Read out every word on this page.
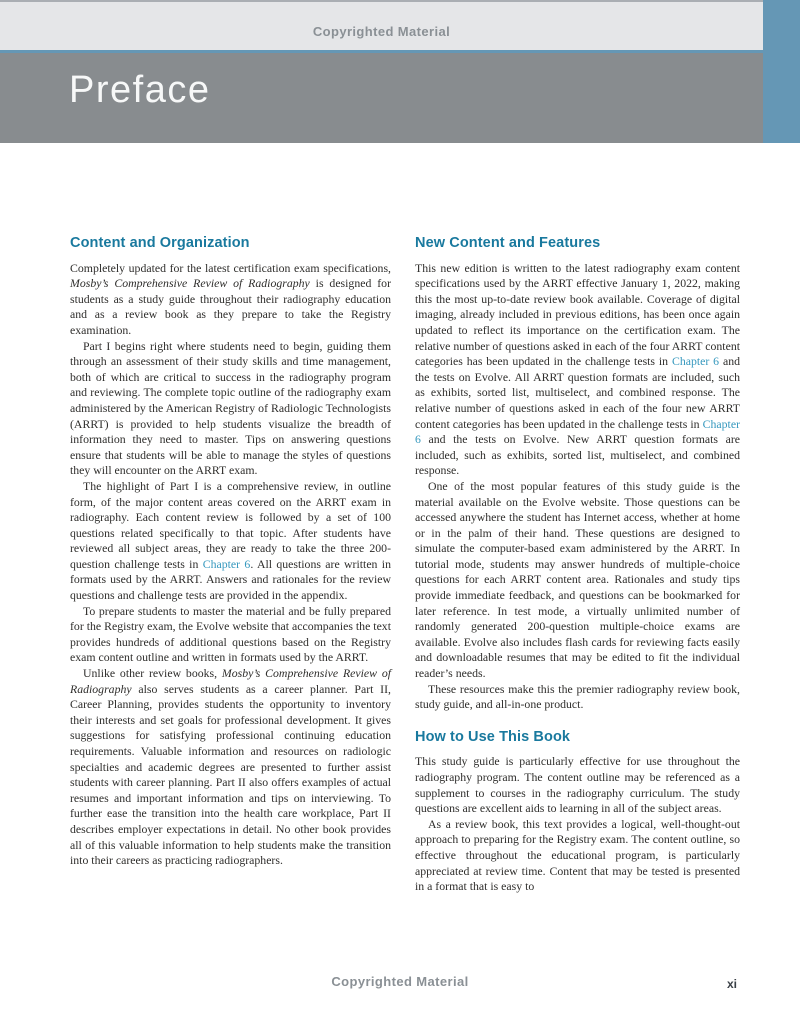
Copyrighted Material
Preface
Content and Organization

Completely updated for the latest certification exam specifications, Mosby’s Comprehensive Review of Radiography is designed for students as a study guide throughout their radiography education and as a review book as they prepare to take the Registry examination.

Part I begins right where students need to begin, guiding them through an assessment of their study skills and time management, both of which are critical to success in the radiography program and reviewing. The complete topic outline of the radiography exam administered by the American Registry of Radiologic Technologists (ARRT) is provided to help students visualize the breadth of information they need to master. Tips on answering questions ensure that students will be able to manage the styles of questions they will encounter on the ARRT exam.

The highlight of Part I is a comprehensive review, in outline form, of the major content areas covered on the ARRT exam in radiography. Each content review is followed by a set of 100 questions related specifically to that topic. After students have reviewed all subject areas, they are ready to take the three 200-question challenge tests in Chapter 6. All questions are written in formats used by the ARRT. Answers and rationales for the review questions and challenge tests are provided in the appendix.

To prepare students to master the material and be fully prepared for the Registry exam, the Evolve website that accompanies the text provides hundreds of additional questions based on the Registry exam content outline and written in formats used by the ARRT.

Unlike other review books, Mosby’s Comprehensive Review of Radiography also serves students as a career planner. Part II, Career Planning, provides students the opportunity to inventory their interests and set goals for professional development. It gives suggestions for satisfying professional continuing education requirements. Valuable information and resources on radiologic specialties and academic degrees are presented to further assist students with career planning. Part II also offers examples of actual resumes and important information and tips on interviewing. To further ease the transition into the health care workplace, Part II describes employer expectations in detail. No other book provides all of this valuable information to help students make the transition into their careers as practicing radiographers.

New Content and Features

This new edition is written to the latest radiography exam content specifications used by the ARRT effective January 1, 2022, making this the most up-to-date review book available. Coverage of digital imaging, already included in previous editions, has been once again updated to reflect its importance on the certification exam. The relative number of questions asked in each of the four ARRT content categories has been updated in the challenge tests in Chapter 6 and the tests on Evolve. All ARRT question formats are included, such as exhibits, sorted list, multiselect, and combined response. The relative number of questions asked in each of the four new ARRT content categories has been updated in the challenge tests in Chapter 6 and the tests on Evolve. New ARRT question formats are included, such as exhibits, sorted list, multiselect, and combined response.

One of the most popular features of this study guide is the material available on the Evolve website. Those questions can be accessed anywhere the student has Internet access, whether at home or in the palm of their hand. These questions are designed to simulate the computer-based exam administered by the ARRT. In tutorial mode, students may answer hundreds of multiple-choice questions for each ARRT content area. Rationales and study tips provide immediate feedback, and questions can be bookmarked for later reference. In test mode, a virtually unlimited number of randomly generated 200-question multiple-choice exams are available. Evolve also includes flash cards for reviewing facts easily and downloadable resumes that may be edited to fit the individual reader’s needs.

These resources make this the premier radiography review book, study guide, and all-in-one product.

How to Use This Book

This study guide is particularly effective for use throughout the radiography program. The content outline may be referenced as a supplement to courses in the radiography curriculum. The study questions are excellent aids to learning in all of the subject areas.

As a review book, this text provides a logical, well-thought-out approach to preparing for the Registry exam. The content outline, so effective throughout the educational program, is particularly appreciated at review time. Content that may be tested is presented in a format that is easy to

Copyrighted Material	xi
